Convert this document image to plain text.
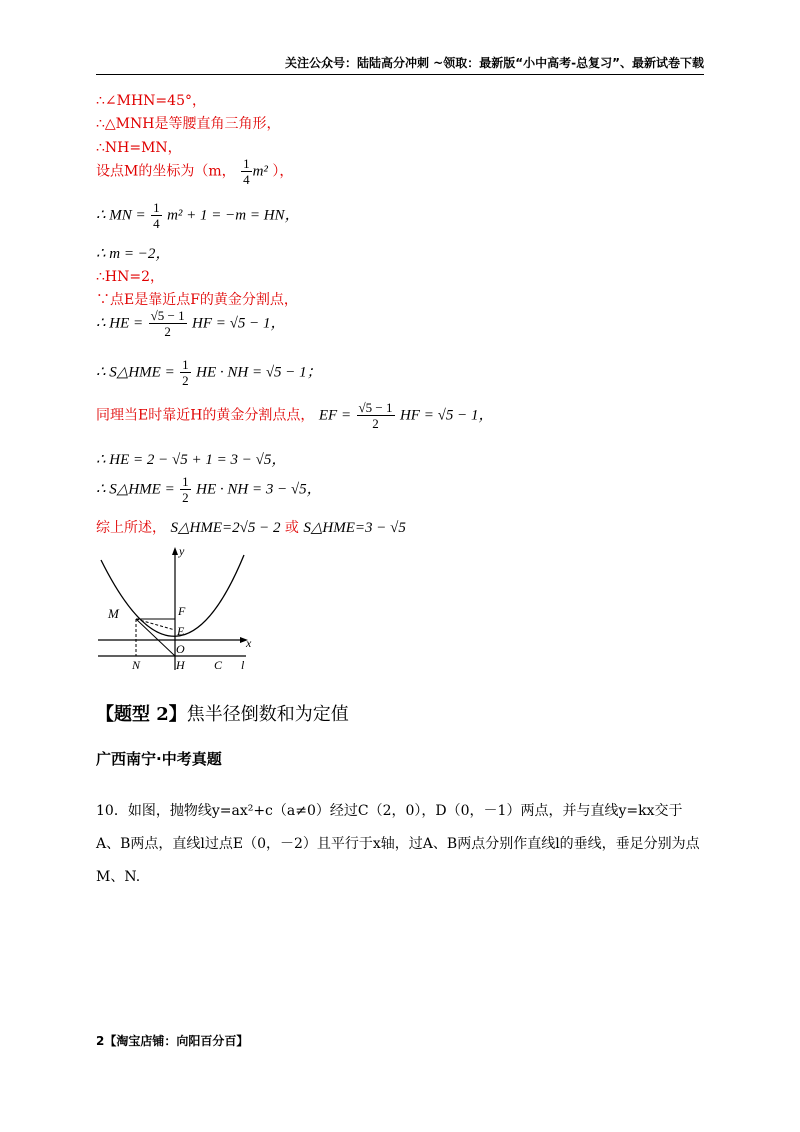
关注公众号：陆陆高分冲刺 ~领取：最新版“小中高考-总复习”、最新试卷下载
∴∠MHN=45°，
∴△MNH是等腰直角三角形，
∴NH=MN，
设点M的坐标为（m， $\frac{1}{4} m^2$ ），
∴ MN = $\frac{1}{4} m^2 + 1 = -m$ = HN，
∴ m = −2，
∴HN=2，
∵点E是靠近点F的黄金分割点，
∴ HE = $\frac{√5 - 1}{2}$ HF = √5 − 1，
∴ S△HME = $\frac{1}{2}$ HE · NH = √5 − 1；
同理当E时靠近H的黄金分割点点， EF = $\frac{√5 - 1}{2}$ HF = √5 − 1，
∴ HE = 2 − √5 + 1 = 3 − √5，
∴ S△HME = $\frac{1}{2}$ HE · NH = 3 − √5，
综上所述， S△HME=2√5 − 2 或 S△HME=3 − √5
y
x
M	F
E
O
N	H C l
【题型 2】焦半径倒数和为定值
广西南宁·中考真题
10．如图，抛物线y=ax²+c（a≠0）经过C（2，0），D（0，－1）两点，并与直线y=kx交于A、B两点，直线l过点E（0，－2）且平行于x轴，过A、B两点分别作直线l的垂线，垂足分别为点M、N.
2【淘宝店铺：向阳百分百】
